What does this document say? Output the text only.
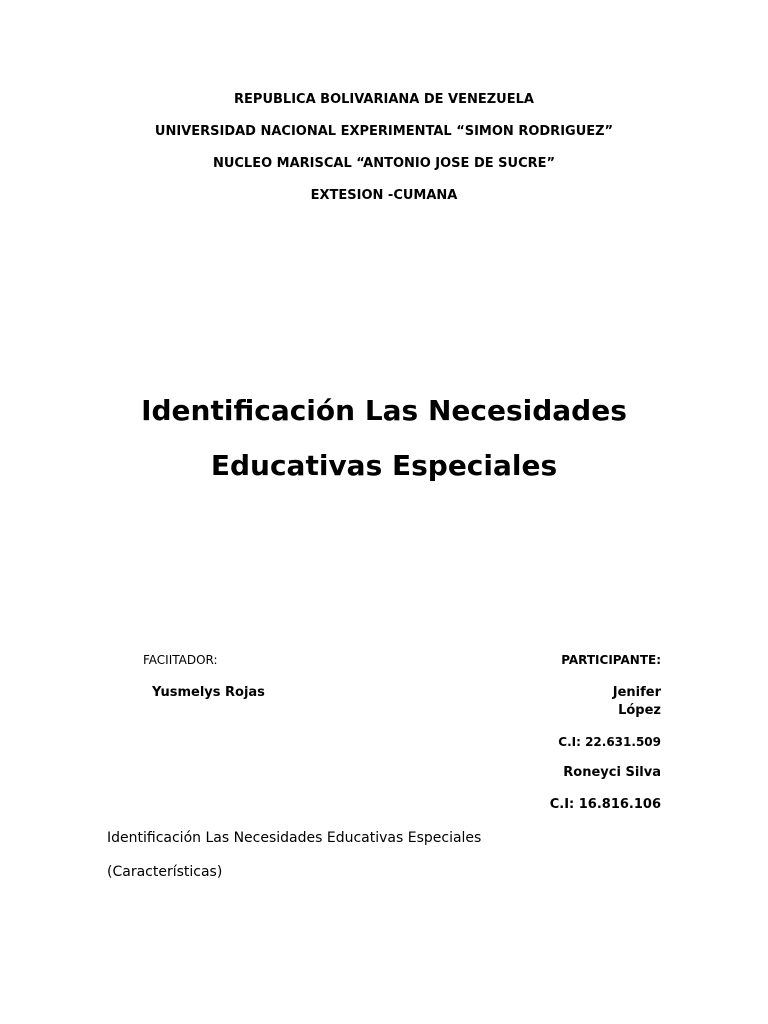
REPUBLICA BOLIVARIANA DE VENEZUELA
UNIVERSIDAD NACIONAL EXPERIMENTAL “SIMON RODRIGUEZ”
NUCLEO MARISCAL “ANTONIO JOSE DE SUCRE”
EXTESION -CUMANA
Identificación Las Necesidades
Educativas Especiales
FACIITADOR:
Yusmelys Rojas
PARTICIPANTE:
Jenifer
López
C.I: 22.631.509
Roneyci Silva
C.I: 16.816.106
Identificación Las Necesidades Educativas Especiales
(Características)
